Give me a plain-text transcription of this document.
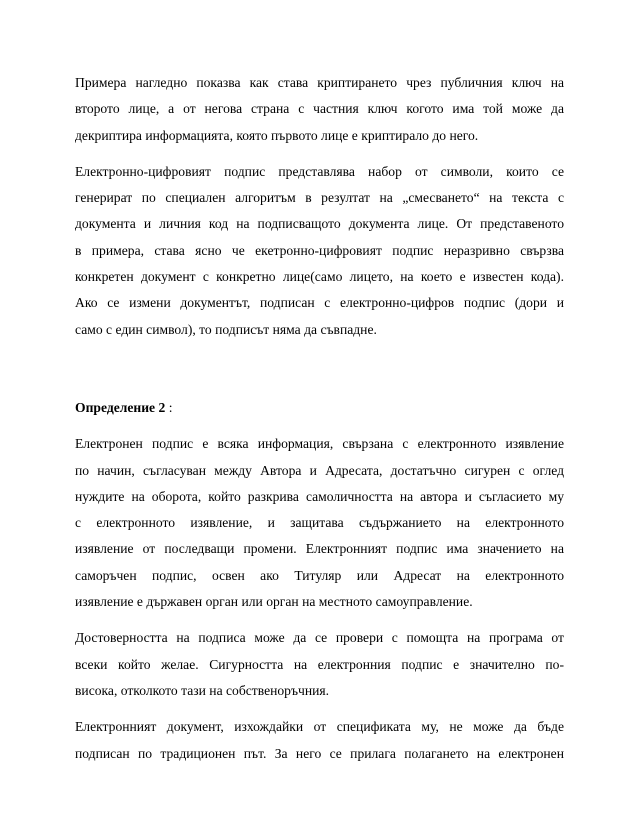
Примера нагледно показва как става криптирането чрез публичния ключ на
второто лице, а от негова страна с частния ключ когото има той може да
декриптира информацията, която първото лице е криптирало до него.
Електронно-цифровият подпис представлява набор от символи, които се
генерират по специален алгоритъм в резултат на „смесването“ на текста с
документа и личния код на подписващото документа лице. От представеното
в примера, става ясно че екетронно-цифровият подпис неразривно свързва
конкретен документ с конкретно лице(само лицето, на което е известен кода).
Ако се измени документът, подписан с електронно-цифров подпис (дори и
само с един символ), то подписът няма да съвпадне.
Определение 2 :
Електронен подпис е всяка информация, свързана с електронното изявление
по начин, съгласуван между Автора и Адресата, достатъчно сигурен с оглед
нуждите на оборота, който разкрива самоличността на автора и съгласието му
с електронното изявление, и защитава съдържанието на електронното
изявление от последващи промени. Електронният подпис има значението на
саморъчен подпис, освен ако Титуляр или Адресат на електронното
изявление е държавен орган или орган на местното самоуправление.
Достоверността на подписа може да се провери с помощта на програма от
всеки който желае. Сигурността на електронния подпис е значително по-
висока, отколкото тази на собственоръчния.
Електронният документ, изхождайки от спецификата му, не може да бъде
подписан по традиционен път. За него се прилага полагането на електронен
